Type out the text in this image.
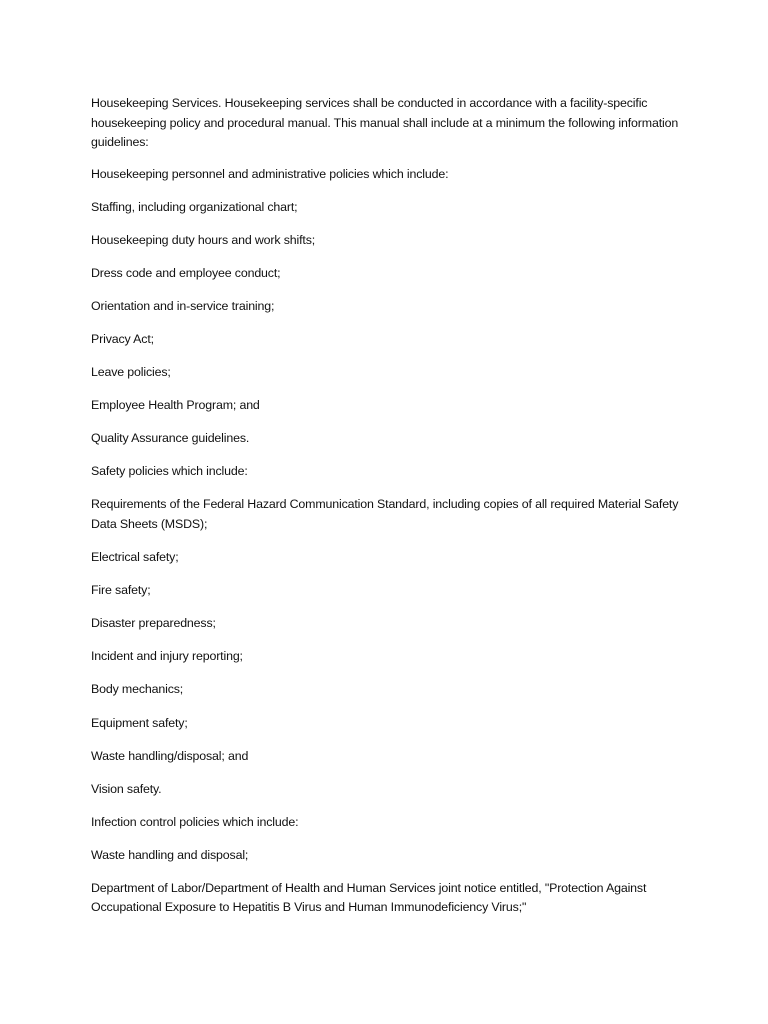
Housekeeping Services. Housekeeping services shall be conducted in accordance with a facility-specific housekeeping policy and procedural manual. This manual shall include at a minimum the following information guidelines:

Housekeeping personnel and administrative policies which include:

Staffing, including organizational chart;

Housekeeping duty hours and work shifts;

Dress code and employee conduct;

Orientation and in-service training;

Privacy Act;

Leave policies;

Employee Health Program; and

Quality Assurance guidelines.

Safety policies which include:

Requirements of the Federal Hazard Communication Standard, including copies of all required Material Safety Data Sheets (MSDS);

Electrical safety;

Fire safety;

Disaster preparedness;

Incident and injury reporting;

Body mechanics;

Equipment safety;

Waste handling/disposal; and

Vision safety.

Infection control policies which include:

Waste handling and disposal;

Department of Labor/Department of Health and Human Services joint notice entitled, "Protection Against Occupational Exposure to Hepatitis B Virus and Human Immunodeficiency Virus;"
